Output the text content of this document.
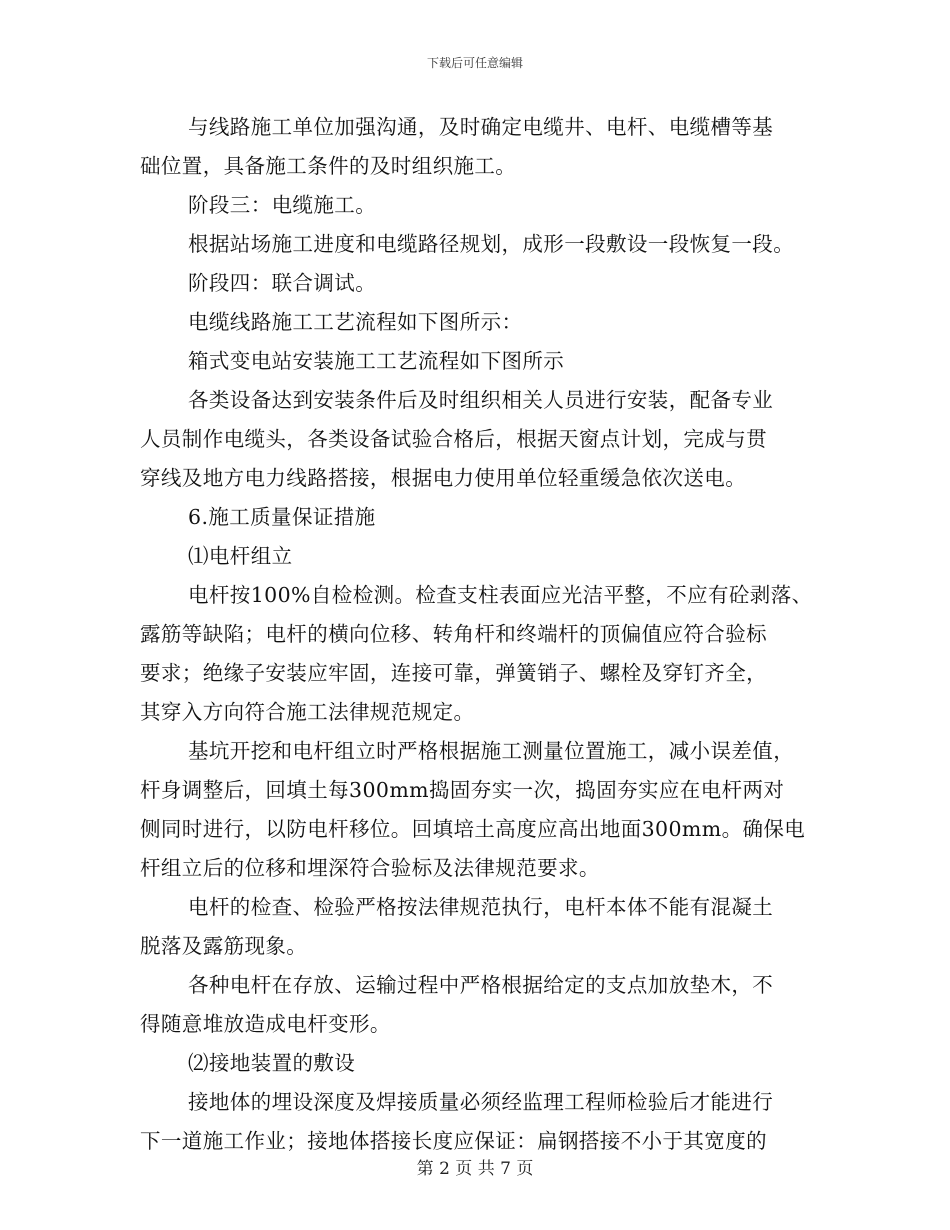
下载后可任意编辑
与线路施工单位加强沟通，及时确定电缆井、电杆、电缆槽等基
础位置，具备施工条件的及时组织施工。
阶段三：电缆施工。
根据站场施工进度和电缆路径规划，成形一段敷设一段恢复一段。
阶段四：联合调试。
电缆线路施工工艺流程如下图所示：
箱式变电站安装施工工艺流程如下图所示
各类设备达到安装条件后及时组织相关人员进行安装，配备专业
人员制作电缆头，各类设备试验合格后，根据天窗点计划，完成与贯
穿线及地方电力线路搭接，根据电力使用单位轻重缓急依次送电。
6.施工质量保证措施
⑴电杆组立
电杆按100%自检检测。检查支柱表面应光洁平整，不应有砼剥落、
露筋等缺陷；电杆的横向位移、转角杆和终端杆的顶偏值应符合验标
要求；绝缘子安装应牢固，连接可靠，弹簧销子、螺栓及穿钉齐全，
其穿入方向符合施工法律规范规定。
基坑开挖和电杆组立时严格根据施工测量位置施工，减小误差值，
杆身调整后，回填土每300mm捣固夯实一次，捣固夯实应在电杆两对
侧同时进行，以防电杆移位。回填培土高度应高出地面300mm。确保电
杆组立后的位移和埋深符合验标及法律规范要求。
电杆的检查、检验严格按法律规范执行，电杆本体不能有混凝土
脱落及露筋现象。
各种电杆在存放、运输过程中严格根据给定的支点加放垫木，不
得随意堆放造成电杆变形。
⑵接地装置的敷设
接地体的埋设深度及焊接质量必须经监理工程师检验后才能进行
下一道施工作业；接地体搭接长度应保证：扁钢搭接不小于其宽度的
第 2 页 共 7 页
